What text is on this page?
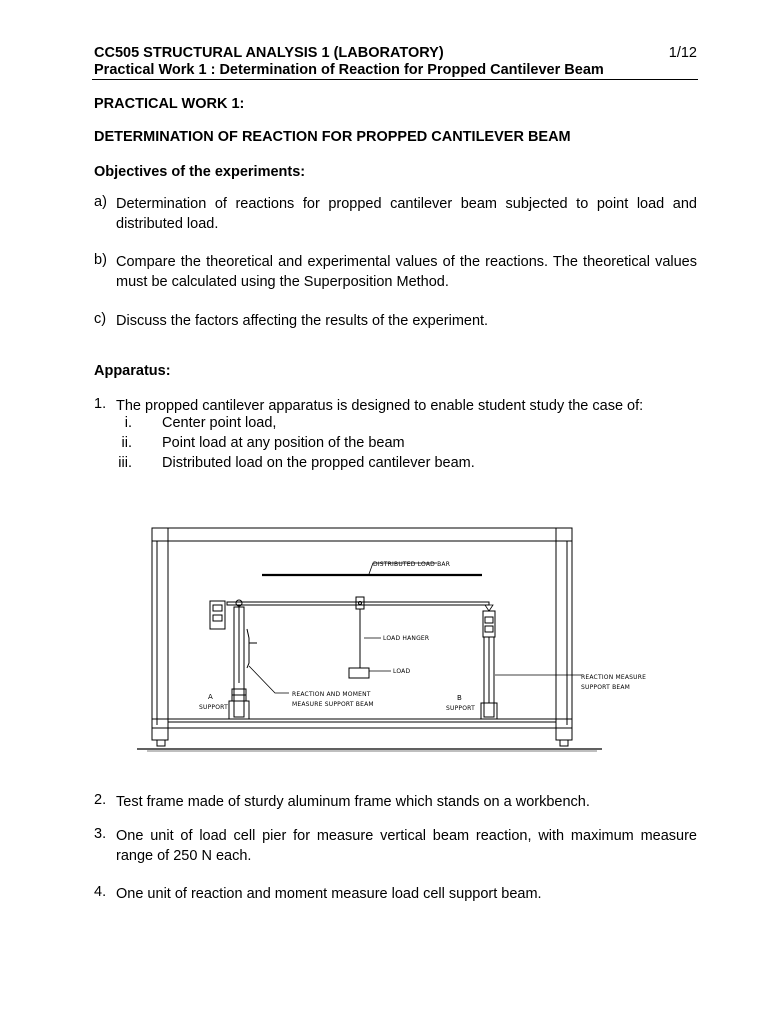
CC505 STRUCTURAL ANALYSIS 1 (LABORATORY)	1/12
Practical Work 1 : Determination of Reaction for Propped Cantilever Beam
PRACTICAL WORK 1:
DETERMINATION OF REACTION FOR PROPPED CANTILEVER BEAM
Objectives of the experiments:
a) Determination of reactions for propped cantilever beam subjected to point load and distributed load.
b) Compare the theoretical and experimental values of the reactions. The theoretical values must be calculated using the Superposition Method.
c) Discuss the factors affecting the results of the experiment.
Apparatus:
1. The propped cantilever apparatus is designed to enable student study the case of:
i. Center point load,
ii. Point load at any position of the beam
iii. Distributed load on the propped cantilever beam.
DISTRIBUTED LOAD BAR
LOAD HANGER
LOAD
REACTION MEASURE
SUPPORT BEAM
REACTION AND MOMENT
MEASURE SUPPORT BEAM
A
SUPPORT
B
SUPPORT
2. Test frame made of sturdy aluminum frame which stands on a workbench.
3. One unit of load cell pier for measure vertical beam reaction, with maximum measure range of 250 N each.
4. One unit of reaction and moment measure load cell support beam.
